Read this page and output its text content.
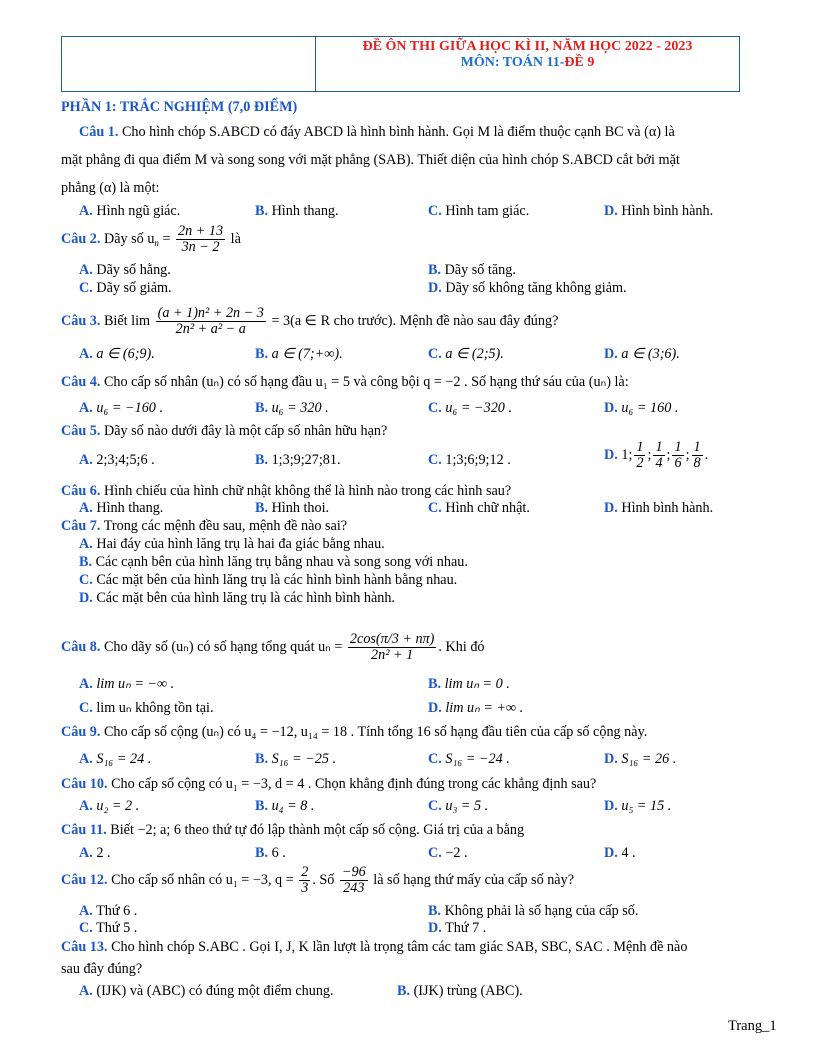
ĐỀ ÔN THI GIỮA HỌC KÌ II, NĂM HỌC 2022 - 2023
MÔN: TOÁN 11-ĐỀ 9
PHẦN 1: TRẮC NGHIỆM (7,0 ĐIỂM)
Câu 1. Cho hình chóp S.ABCD có đáy ABCD là hình bình hành. Gọi M là điểm thuộc cạnh BC và (α) là
mặt phẳng đi qua điểm M và song song với mặt phẳng (SAB). Thiết diện của hình chóp S.ABCD cắt bởi mặt
phẳng (α) là một:
A. Hình ngũ giác.	B. Hình thang.	C. Hình tam giác.	D. Hình bình hành.
Câu 2. Dãy số $u_n = \frac{2n + 13}{3n - 2}$ là
A. Dãy số hằng.	B. Dãy số tăng.
C. Dãy số giảm.	D. Dãy số không tăng không giảm.
Câu 3. Biết $\lim \frac{\text{(a + 1)n² + 2n − 3}}{\text{2n² + a² − a}} = 3(a$ ∈ R cho trước). Mệnh đề nào sau đây đúng?
A. a ∈ (6;9).	B. a ∈ (7;+∞).	C. a ∈ (2;5).	D. a ∈ (3;6).
Câu 4. Cho cấp số nhân (uₙ) có số hạng đầu u₁ = 5 và công bội q = −2 . Số hạng thứ sáu của (uₙ) là:
A. u₆ = −160 .	B. u₆ = 320 .	C. u₆ = −320 .	D. u₆ = 160 .
Câu 5. Dãy số nào dưới đây là một cấp số nhân hữu hạn?
A. 2;3;4;5;6 .	B. 1;3;9;27;81.	C. 1;3;6;9;12 .	D. 1; $\frac{1}{2}$ ; $\frac{1}{4}$ ; $\frac{1}{6}$ ; $\frac{1}{8}$ .
Câu 6. Hình chiếu của hình chữ nhật không thể là hình nào trong các hình sau?
A. Hình thang.	B. Hình thoi.	C. Hình chữ nhật.	D. Hình bình hành.
Câu 7. Trong các mệnh đều sau, mệnh đề nào sai?
A. Hai đáy của hình lăng trụ là hai đa giác bằng nhau.
B. Các cạnh bên của hình lăng trụ bằng nhau và song song với nhau.
C. Các mặt bên của hình lăng trụ là các hình bình hành bằng nhau.
D. Các mặt bên của hình lăng trụ là các hình bình hành.
Câu 8. Cho dãy số (uₙ) có số hạng tổng quát $u_n = \frac{2\cos(\pi/3 + n\pi)}{\text{2n² + 1}}$ . Khi đó
A. lim uₙ = −∞ .	B. lim uₙ = 0 .
C. lim uₙ không tồn tại.	D. lim uₙ = +∞ .
Câu 9. Cho cấp số cộng (uₙ) có u₄ = −12, u₁₄ = 18 . Tính tổng 16 số hạng đầu tiên của cấp số cộng này.
A. S₁₆ = 24 .	B. S₁₆ = −25 .	C. S₁₆ = −24 .	D. S₁₆ = 26 .
Câu 10. Cho cấp số cộng có u₁ = −3, d = 4 . Chọn khẳng định đúng trong các khẳng định sau?
A. u₂ = 2 .	B. u₄ = 8 .	C. u₃ = 5 .	D. u₅ = 15 .
Câu 11. Biết −2; a; 6 theo thứ tự đó lập thành một cấp số cộng. Giá trị của a bằng
A. 2 .	B. 6 .	C. −2 .	D. 4 .
Câu 12. Cho cấp số nhân có u₁ = −3, $q = \frac{2}{3}$ . Số $\frac{-96}{243}$ là số hạng thứ mấy của cấp số này?
A. Thứ 6 .	B. Không phải là số hạng của cấp số.
C. Thứ 5 .	D. Thứ 7 .
Câu 13. Cho hình chóp S.ABC . Gọi I, J, K lần lượt là trọng tâm các tam giác SAB, SBC, SAC . Mệnh đề nào
sau đây đúng?
A. (IJK) và (ABC) có đúng một điểm chung.	B. (IJK) trùng (ABC).
Trang_1
